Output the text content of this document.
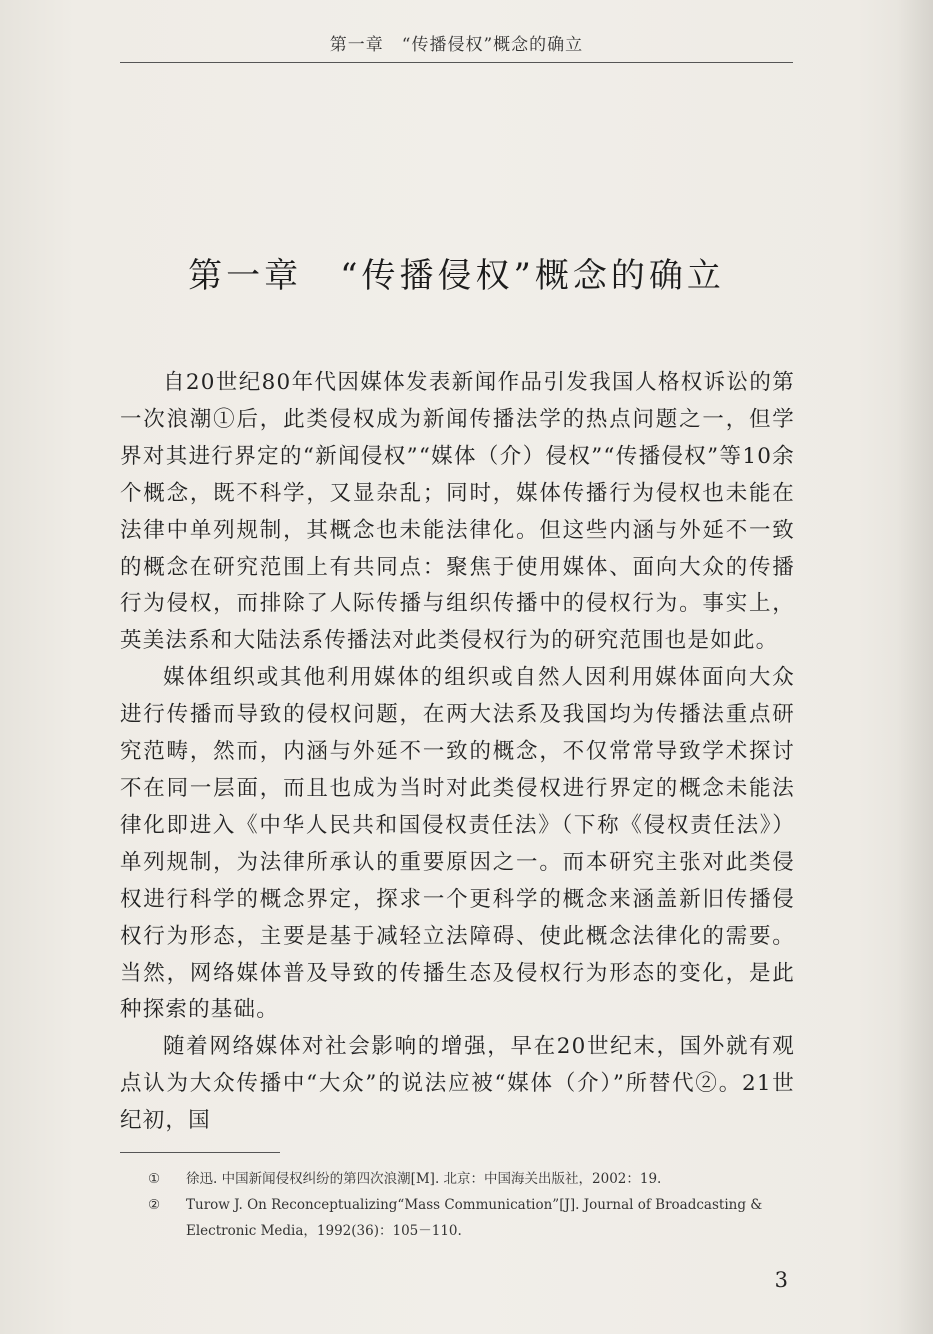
第一章　“传播侵权”概念的确立
第一章　“传播侵权”概念的确立

自20世纪80年代因媒体发表新闻作品引发我国人格权诉讼的第一次浪潮①后，此类侵权成为新闻传播法学的热点问题之一，但学界对其进行界定的“新闻侵权”“媒体（介）侵权”“传播侵权”等10余个概念，既不科学，又显杂乱；同时，媒体传播行为侵权也未能在法律中单列规制，其概念也未能法律化。但这些内涵与外延不一致的概念在研究范围上有共同点：聚焦于使用媒体、面向大众的传播行为侵权，而排除了人际传播与组织传播中的侵权行为。事实上，英美法系和大陆法系传播法对此类侵权行为的研究范围也是如此。

媒体组织或其他利用媒体的组织或自然人因利用媒体面向大众进行传播而导致的侵权问题，在两大法系及我国均为传播法重点研究范畴，然而，内涵与外延不一致的概念，不仅常常导致学术探讨不在同一层面，而且也成为当时对此类侵权进行界定的概念未能法律化即进入《中华人民共和国侵权责任法》（下称《侵权责任法》）单列规制，为法律所承认的重要原因之一。而本研究主张对此类侵权进行科学的概念界定，探求一个更科学的概念来涵盖新旧传播侵权行为形态，主要是基于减轻立法障碍、使此概念法律化的需要。当然，网络媒体普及导致的传播生态及侵权行为形态的变化，是此种探索的基础。

随着网络媒体对社会影响的增强，早在20世纪末，国外就有观点认为大众传播中“大众”的说法应被“媒体（介）”所替代②。21世纪初，国

① 徐迅. 中国新闻侵权纠纷的第四次浪潮[M]. 北京：中国海关出版社，2002：19.
② Turow J. On Reconceptualizing“Mass Communication”[J]. Journal of Broadcasting & Electronic Media，1992(36)：105－110.
3
